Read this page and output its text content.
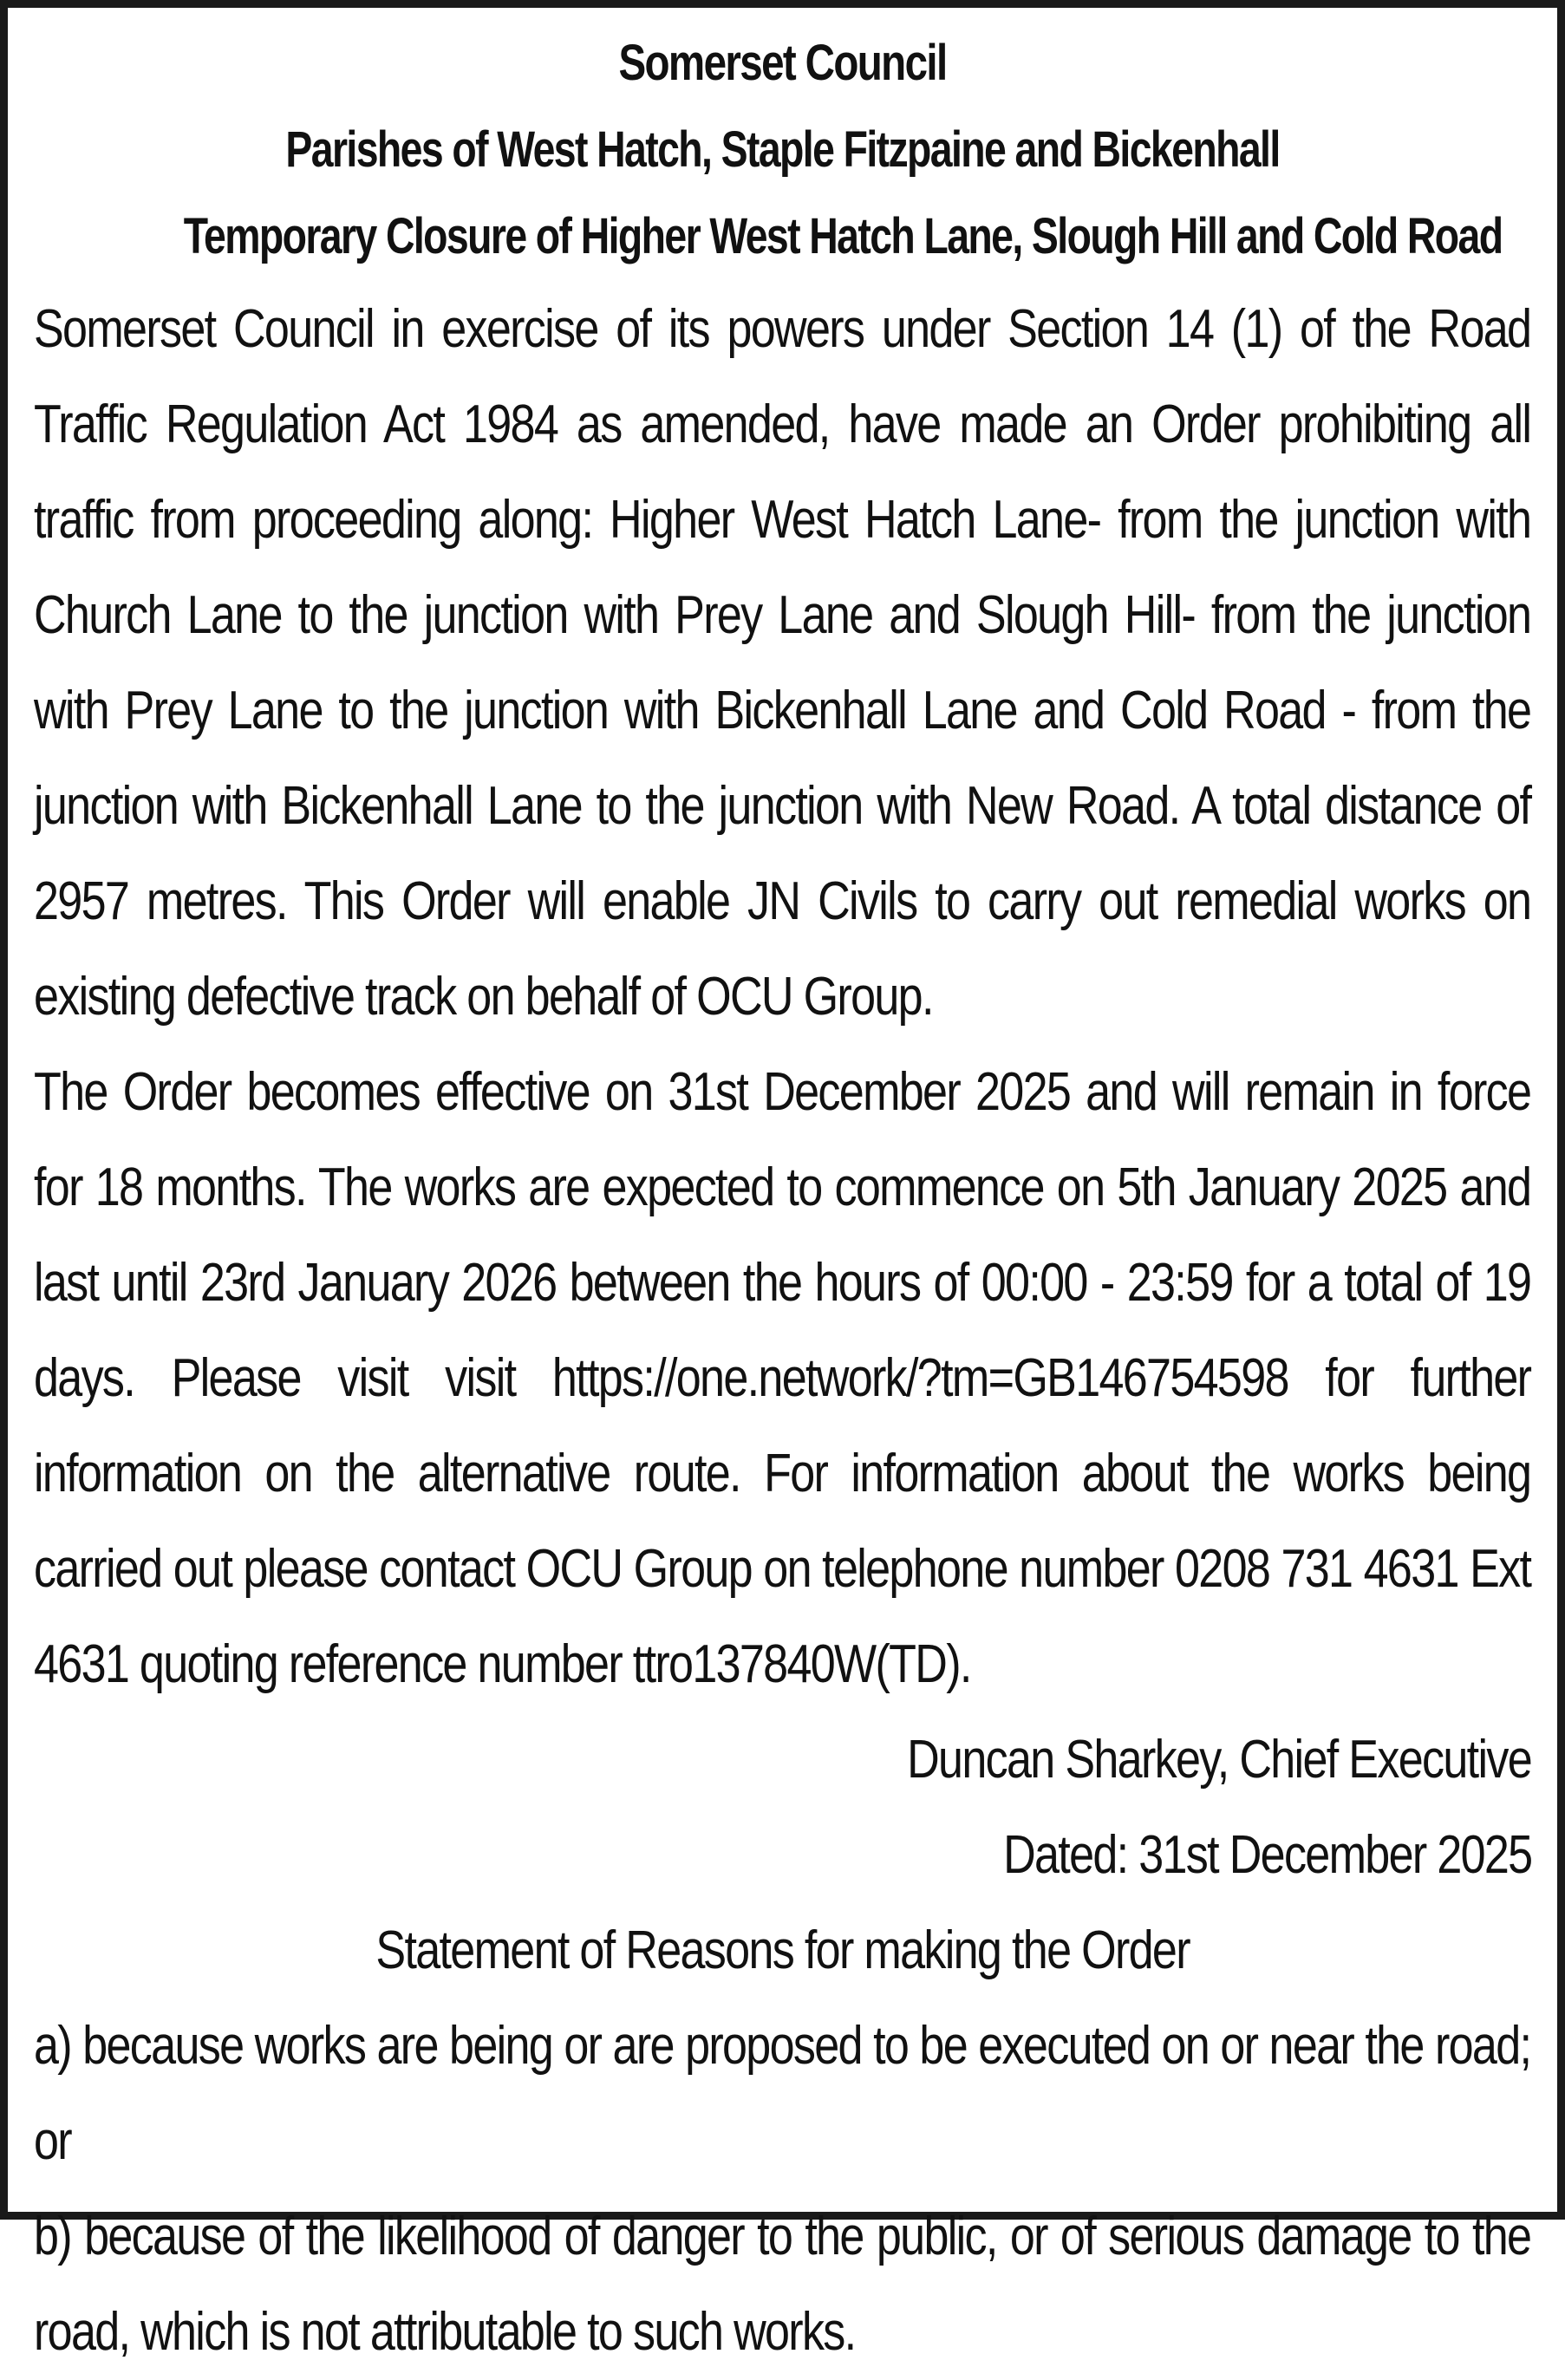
Somerset Council

Parishes of West Hatch, Staple Fitzpaine and Bickenhall

Temporary Closure of Higher West Hatch Lane, Slough Hill and Cold Road

Somerset Council in exercise of its powers under Section 14 (1) of the Road Traffic Regulation Act 1984 as amended, have made an Order prohibiting all traffic from proceeding along: Higher West Hatch Lane- from the junction with Church Lane to the junction with Prey Lane and Slough Hill- from the junction with Prey Lane to the junction with Bickenhall Lane and Cold Road - from the junction with Bickenhall Lane to the junction with New Road. A total distance of 2957 metres. This Order will enable JN Civils to carry out remedial works on existing defective track on behalf of OCU Group.

The Order becomes effective on 31st December 2025 and will remain in force for 18 months. The works are expected to commence on 5th January 2025 and last until 23rd January 2026 between the hours of 00:00 - 23:59 for a total of 19 days. Please visit visit https://one.network/?tm=GB146754598 for further information on the alternative route. For information about the works being carried out please contact OCU Group on telephone number 0208 731 4631 Ext 4631 quoting reference number ttro137840W(TD).

Duncan Sharkey, Chief Executive

Dated: 31st December 2025

Statement of Reasons for making the Order

a) because works are being or are proposed to be executed on or near the road; or

b) because of the likelihood of danger to the public, or of serious damage to the road, which is not attributable to such works.
